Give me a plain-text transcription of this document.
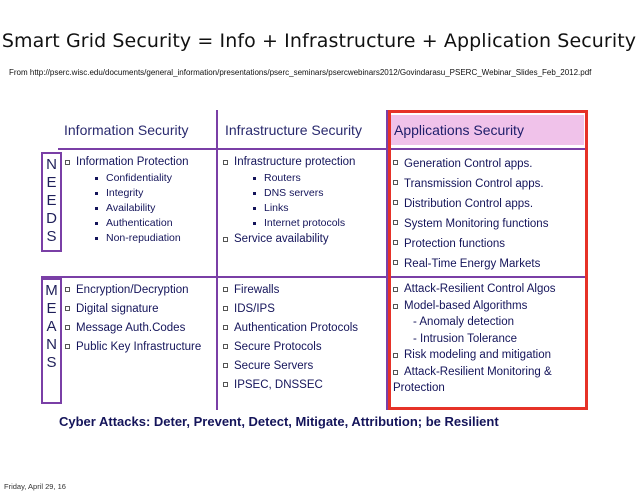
Smart Grid Security = Info + Infrastructure + Application Security
From http://pserc.wisc.edu/documents/general_information/presentations/pserc_seminars/psercwebinars2012/Govindarasu_PSERC_Webinar_Slides_Feb_2012.pdf
Information Security	Infrastructure Security	Applications Security
N
E
E
D
S
M
E
A
N
S
Information Protection
Confidentiality
Integrity
Availability
Authentication
Non-repudiation
Infrastructure protection
Routers
DNS servers
Links
Internet protocols
Service availability
Generation Control apps.
Transmission Control apps.
Distribution Control apps.
System Monitoring functions
Protection functions
Real-Time Energy Markets
Encryption/Decryption
Digital signature
Message Auth.Codes
Public Key Infrastructure
Firewalls
IDS/IPS
Authentication Protocols
Secure Protocols
Secure Servers
IPSEC, DNSSEC
Attack-Resilient Control Algos
Model-based Algorithms
- Anomaly detection
- Intrusion Tolerance
Risk modeling and mitigation
Attack-Resilient Monitoring &
Protection
Cyber Attacks: Deter, Prevent, Detect, Mitigate, Attribution; be Resilient
Friday, April 29, 16
